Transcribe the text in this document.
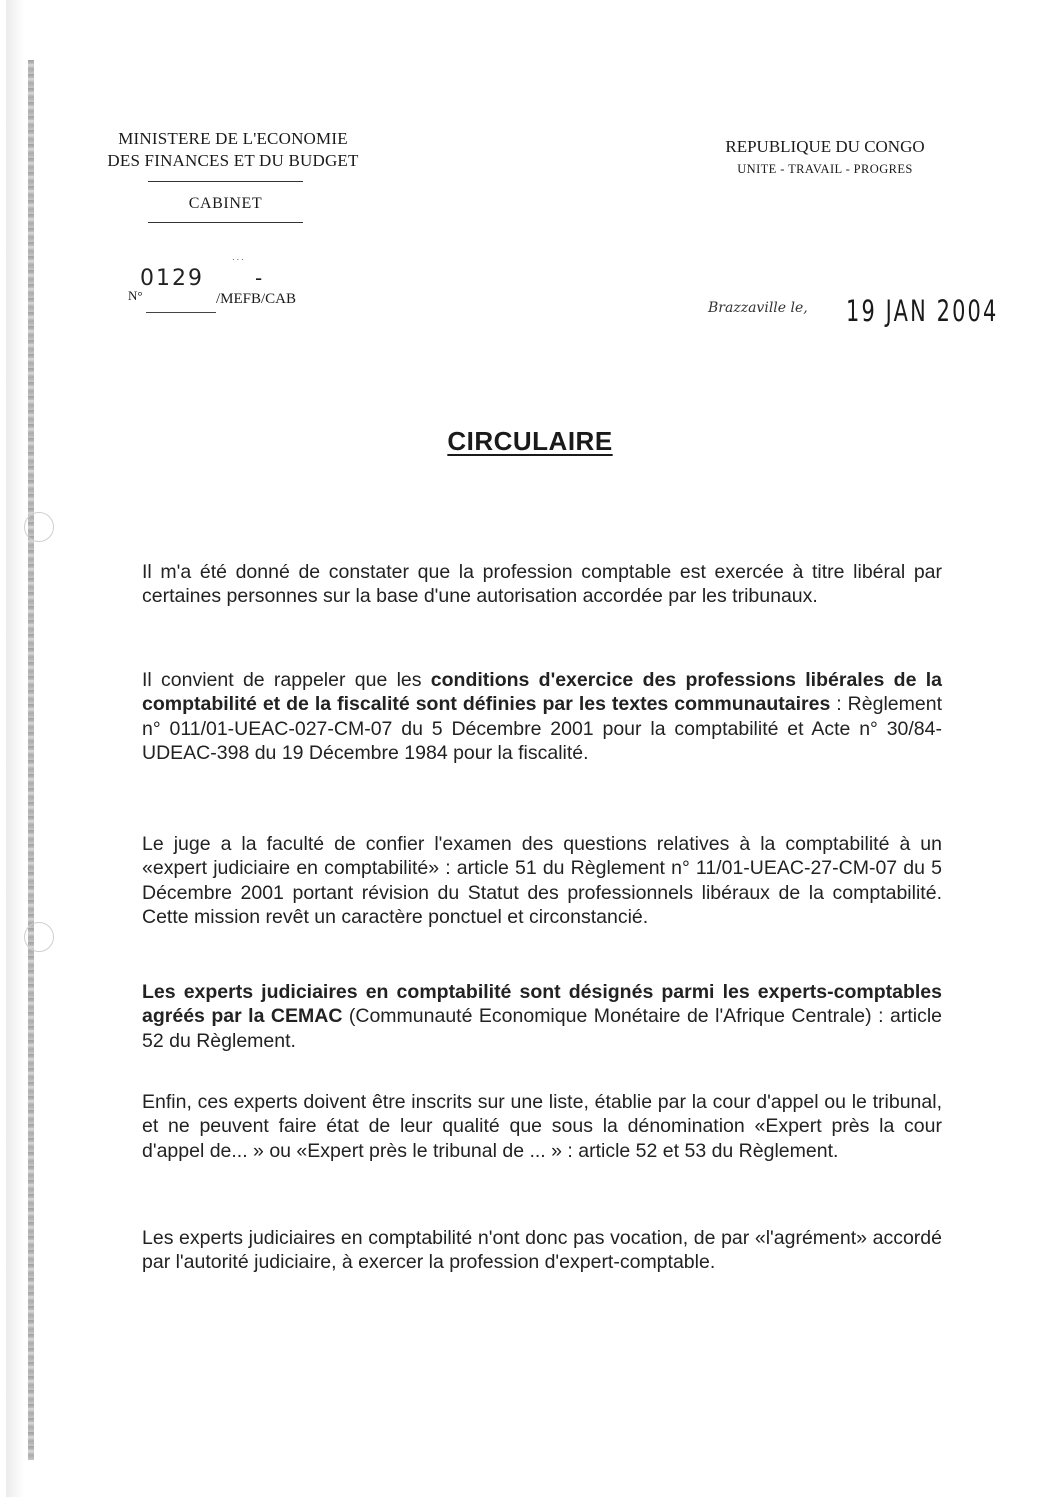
MINISTERE DE L'ECONOMIE
DES FINANCES ET DU BUDGET
CABINET
REPUBLIQUE DU CONGO
UNITE - TRAVAIL - PROGRES
N°
0129
∙∙∙
-
/MEFB/CAB
Brazzaville le, 19 JAN 2004
CIRCULAIRE

Il m'a été donné de constater que la profession comptable est exercée à titre libéral par certaines personnes sur la base d'une autorisation accordée par les tribunaux.

Il convient de rappeler que les conditions d'exercice des professions libérales de la comptabilité et de la fiscalité sont définies par les textes communautaires : Règlement n° 011/01-UEAC-027-CM-07 du 5 Décembre 2001 pour la comptabilité et Acte n° 30/84-UDEAC-398 du 19 Décembre 1984 pour la fiscalité.

Le juge a la faculté de confier l'examen des questions relatives à la comptabilité à un «expert judiciaire en comptabilité» : article 51 du Règlement n° 11/01-UEAC-27-CM-07 du 5 Décembre 2001 portant révision du Statut des professionnels libéraux de la comptabilité. Cette mission revêt un caractère ponctuel et circonstancié.

Les experts judiciaires en comptabilité sont désignés parmi les experts-comptables agréés par la CEMAC (Communauté Economique Monétaire de l'Afrique Centrale) : article 52 du Règlement.

Enfin, ces experts doivent être inscrits sur une liste, établie par la cour d'appel ou le tribunal, et ne peuvent faire état de leur qualité que sous la dénomination «Expert près la cour d'appel de... » ou «Expert près le tribunal de ... » : article 52 et 53 du Règlement.

Les experts judiciaires en comptabilité n'ont donc pas vocation, de par «l'agrément» accordé par l'autorité judiciaire, à exercer la profession d'expert-comptable.
